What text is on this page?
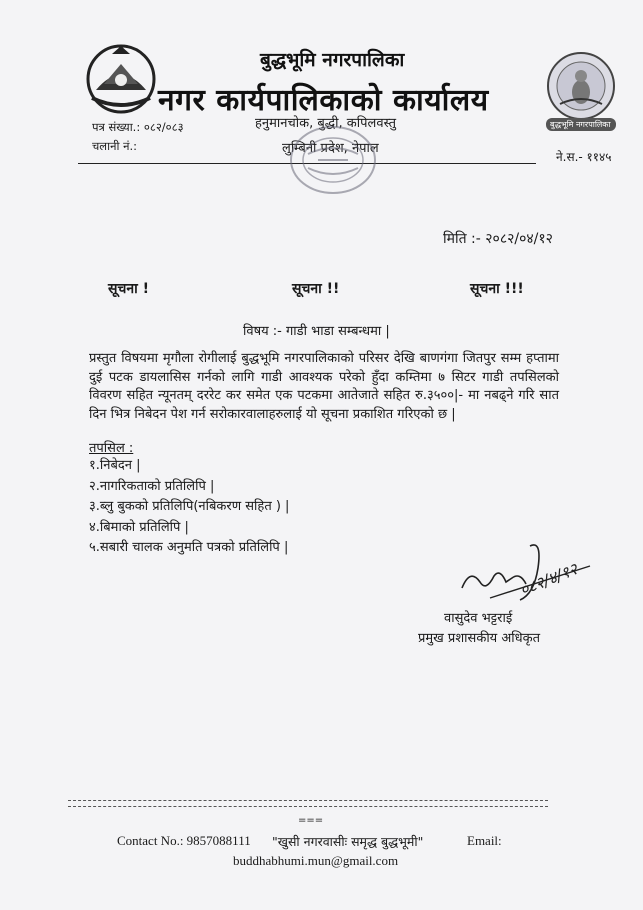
बुद्धभूमि नगरपालिका
नगर कार्यपालिकाको कार्यालय
हनुमानचोक, बुद्धी, कपिलवस्तु
लुम्बिनी प्रदेश, नेपाल
बुद्धभूमि नगरपालिका
पत्र संख्या.: ०८२/०८३
चलानी नं.:
ने.स.- ११४५
मिति :- २०८२/०४/१२
सूचना !	सूचना !!	सूचना !!!
विषय :- गाडी भाडा सम्बन्धमा |
प्रस्तुत विषयमा मृगौला रोगीलाई बुद्धभूमि नगरपालिकाको परिसर देखि बाणगंगा जितपुर सम्म हप्तामा दुई पटक डायलासिस गर्नको लागि गाडी आवश्यक परेको हुँदा कम्तिमा ७ सिटर गाडी तपसिलको विवरण सहित न्यूनतम् दररेट कर समेत एक पटकमा आतेजाते सहित रु.३५००|- मा नबढ्ने गरि सात दिन भित्र निबेदन पेश गर्न सरोकारवालाहरुलाई यो सूचना प्रकाशित गरिएको छ |
तपसिल :
१.निबेदन |
२.नागरिकताको प्रतिलिपि |
३.ब्लु बुकको प्रतिलिपि(नबिकरण सहित ) |
४.बिमाको प्रतिलिपि |
५.सबारी चालक अनुमति पत्रको प्रतिलिपि |
०८२/४/१२
वासुदेव भट्टराई
प्रमुख प्रशासकीय अधिकृत
===
Contact No.: 9857088111 "खुसी नगरवासीः समृद्ध बुद्धभूमी"	Email:
buddhabhumi.mun@gmail.com
